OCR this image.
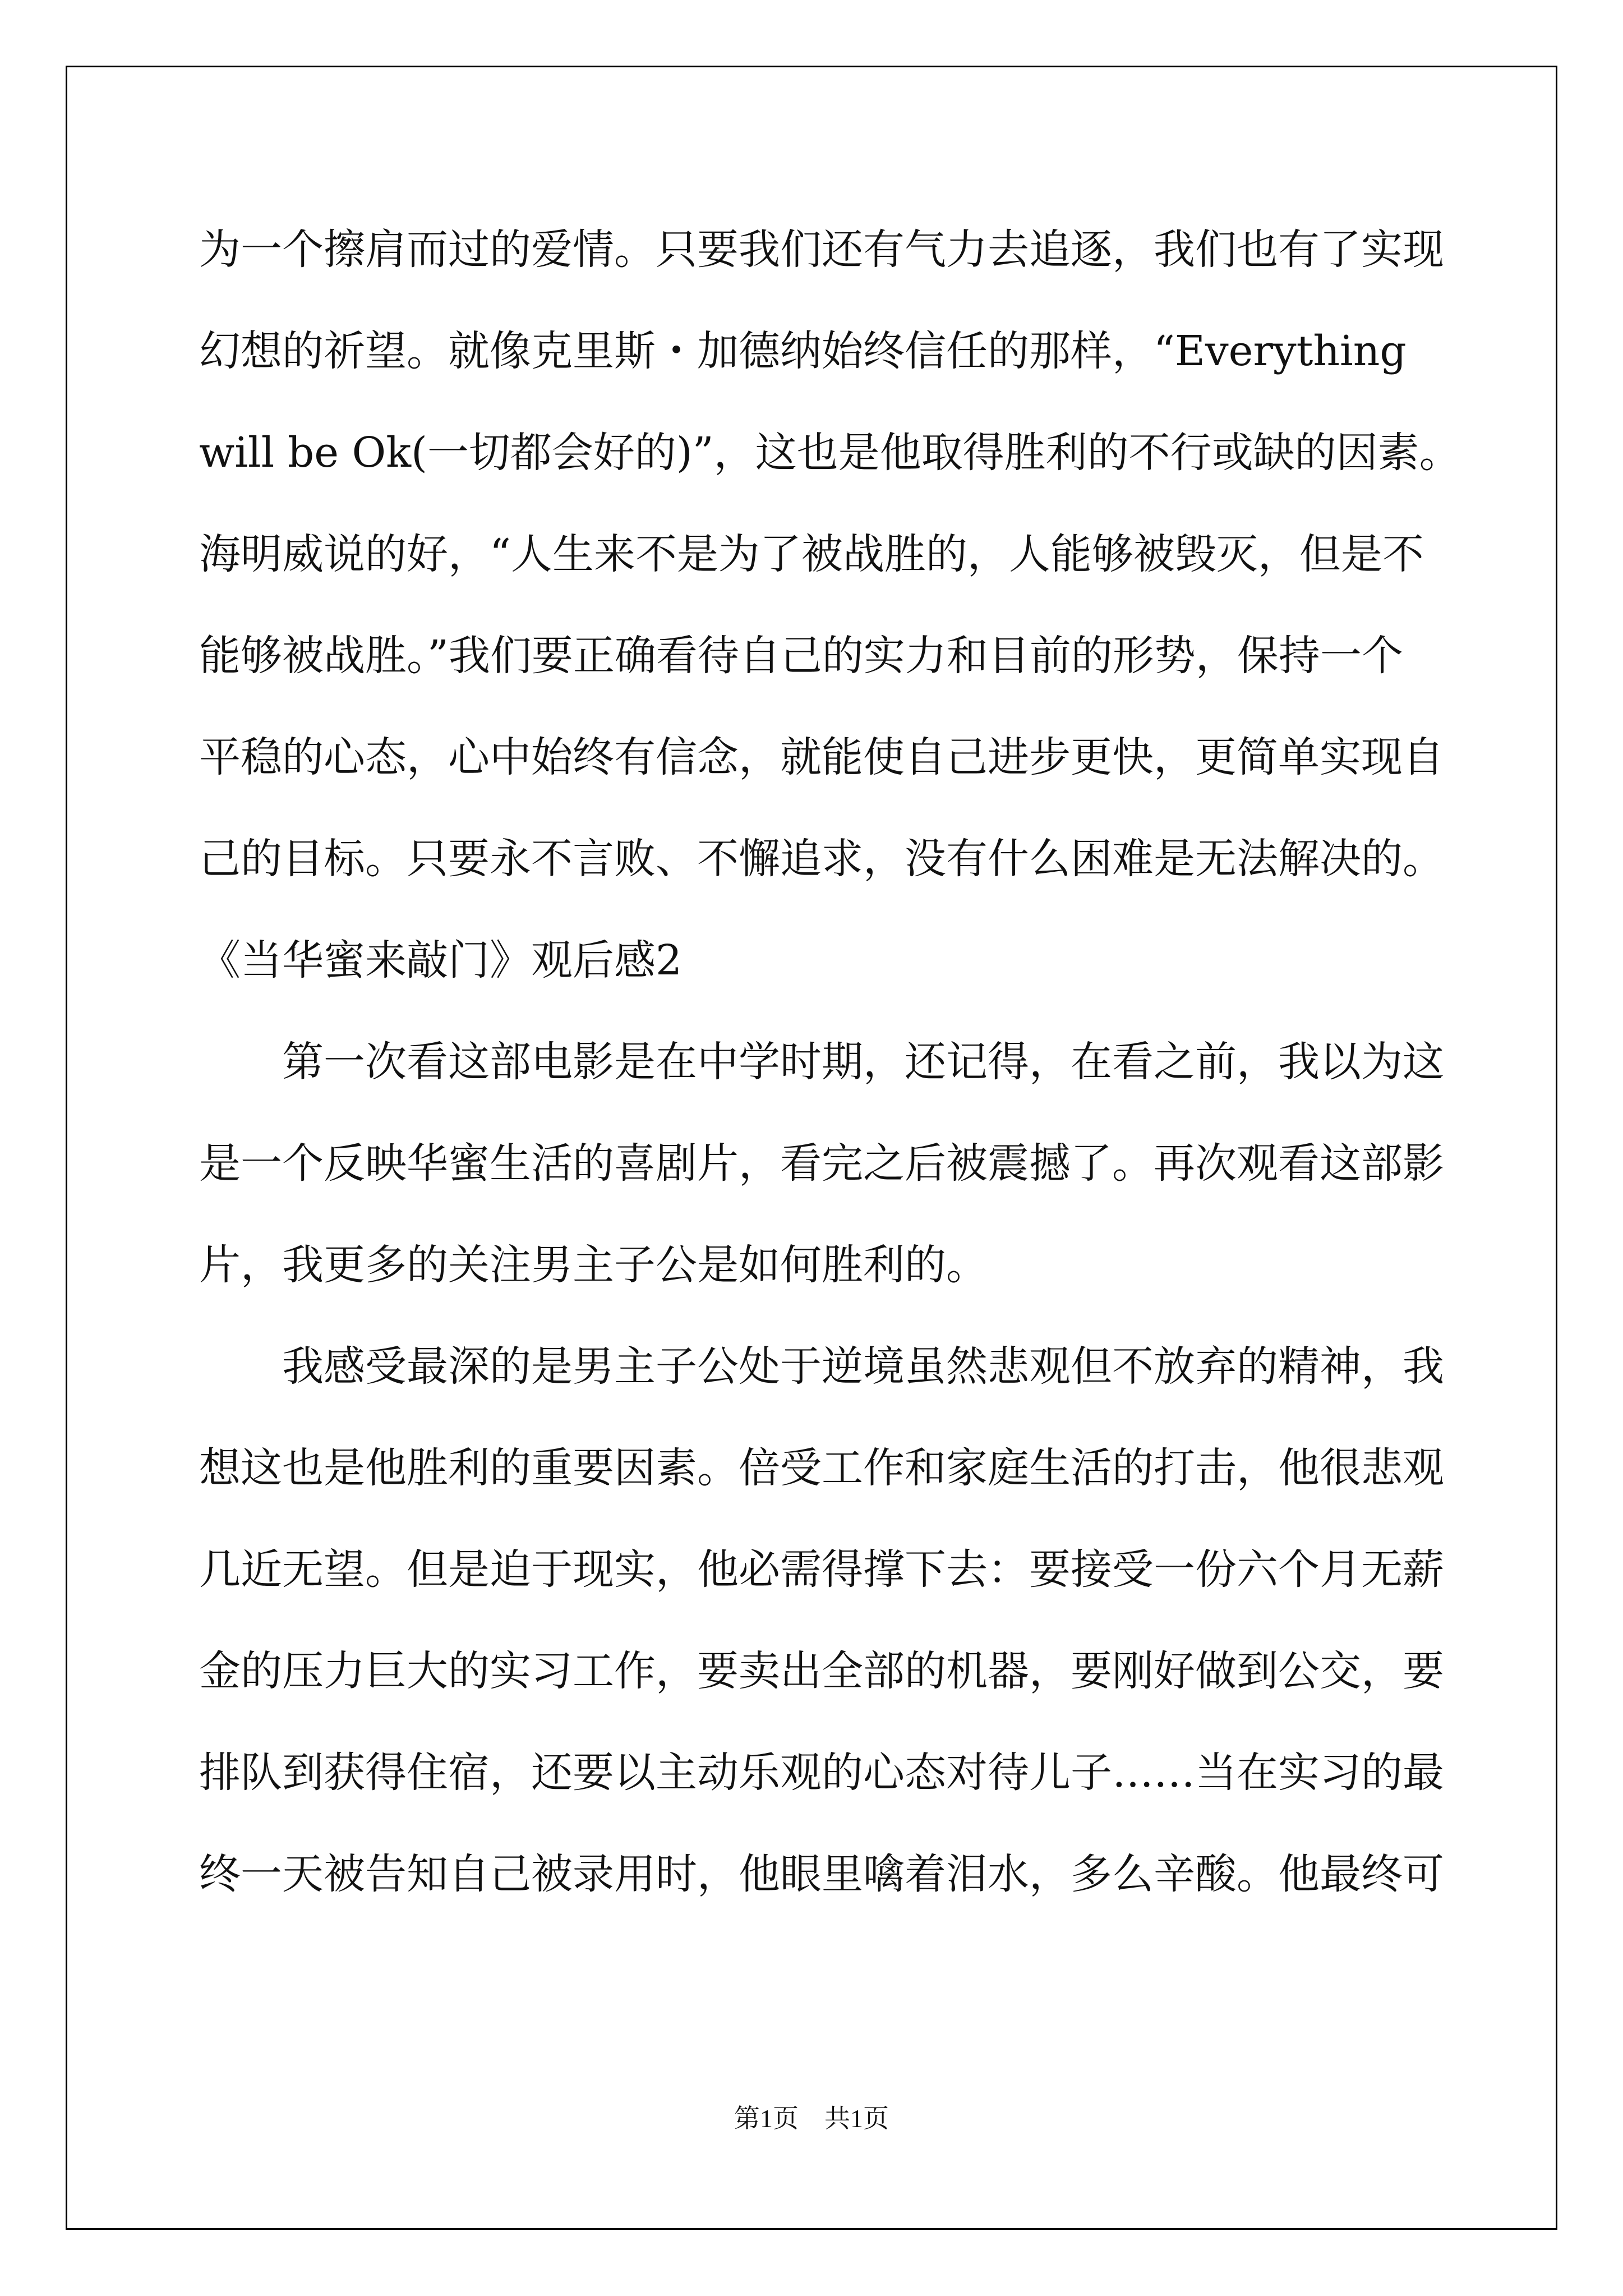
为一个擦肩而过的爱情。只要我们还有气力去追逐，我们也有了实现
幻想的祈望。就像克里斯・加德纳始终信任的那样，“Everything
will be Ok(一切都会好的)”，这也是他取得胜利的不行或缺的因素。
海明威说的好，“人生来不是为了被战胜的，人能够被毁灭，但是不
能够被战胜。”我们要正确看待自己的实力和目前的形势，保持一个
平稳的心态，心中始终有信念，就能使自己进步更快，更简单实现自
己的目标。只要永不言败、不懈追求，没有什么困难是无法解决的。
《当华蜜来敲门》观后感2
　　第一次看这部电影是在中学时期，还记得，在看之前，我以为这
是一个反映华蜜生活的喜剧片，看完之后被震撼了。再次观看这部影
片，我更多的关注男主子公是如何胜利的。
　　我感受最深的是男主子公处于逆境虽然悲观但不放弃的精神，我
想这也是他胜利的重要因素。倍受工作和家庭生活的打击，他很悲观
几近无望。但是迫于现实，他必需得撑下去：要接受一份六个月无薪
金的压力巨大的实习工作，要卖出全部的机器，要刚好做到公交，要
排队到获得住宿，还要以主动乐观的心态对待儿子……当在实习的最
终一天被告知自己被录用时，他眼里噙着泪水，多么辛酸。他最终可
第1页　共1页
